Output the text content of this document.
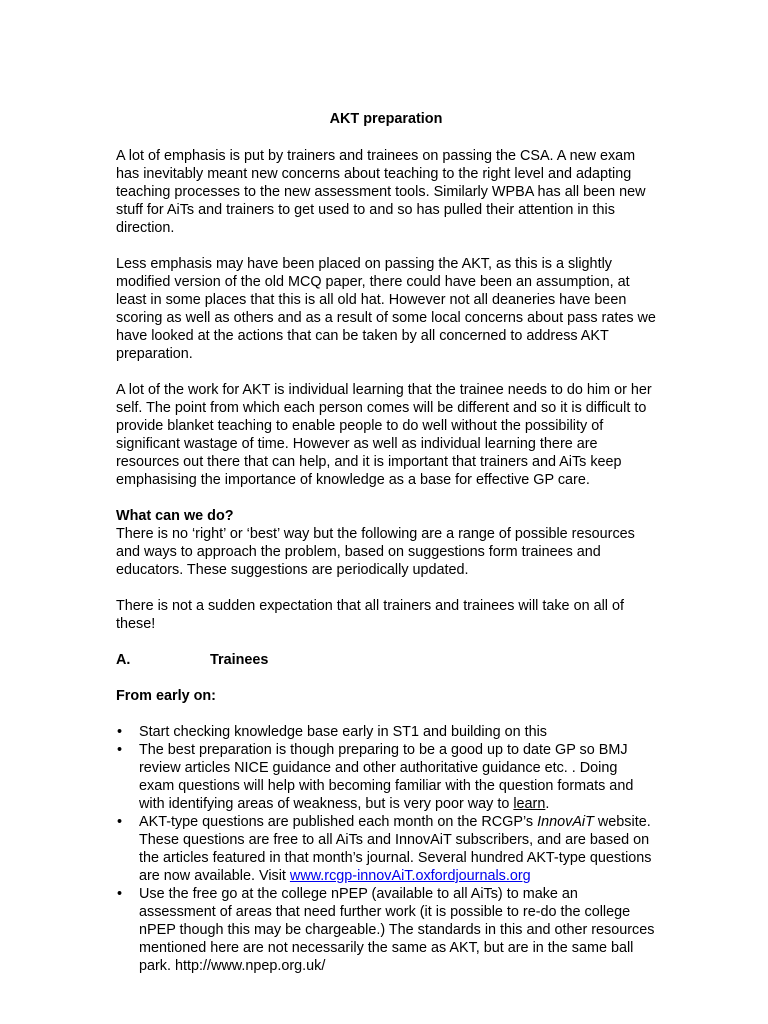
AKT preparation

A lot of emphasis is put by trainers and trainees on passing the CSA. A new exam has inevitably meant new concerns about teaching to the right level and adapting teaching processes to the new assessment tools. Similarly WPBA has all been new stuff for AiTs and trainers to get used to and so has pulled their attention in this direction.

Less emphasis may have been placed on passing the AKT, as this is a slightly modified version of the old MCQ paper, there could have been an assumption, at least in some places that this is all old hat. However not all deaneries have been scoring as well as others and as a result of some local concerns about pass rates we have looked at the actions that can be taken by all concerned to address AKT preparation.

A lot of the work for AKT is individual learning that the trainee needs to do him or her self. The point from which each person comes will be different and so it is difficult to provide blanket teaching to enable people to do well without the possibility of significant wastage of time. However as well as individual learning there are resources out there that can help, and it is important that trainers and AiTs keep emphasising the importance of knowledge as a base for effective GP care.

What can we do?

There is no ‘right’ or ‘best’ way but the following are a range of possible resources and ways to approach the problem, based on suggestions form trainees and educators. These suggestions are periodically updated.

There is not a sudden expectation that all trainers and trainees will take on all of these!

A.	Trainees
From early on:
• Start checking knowledge base early in ST1 and building on this
• The best preparation is though preparing to be a good up to date GP so BMJ review articles NICE guidance and other authoritative guidance etc. . Doing exam questions will help with becoming familiar with the question formats and with identifying areas of weakness, but is very poor way to learn.
• AKT-type questions are published each month on the RCGP’s InnovAiT website. These questions are free to all AiTs and InnovAiT subscribers, and are based on the articles featured in that month’s journal. Several hundred AKT-type questions are now available. Visit www.rcgp-innovAiT.oxfordjournals.org
• Use the free go at the college nPEP (available to all AiTs) to make an assessment of areas that need further work (it is possible to re-do the college nPEP though this may be chargeable.) The standards in this and other resources mentioned here are not necessarily the same as AKT, but are in the same ball park. http://www.npep.org.uk/
